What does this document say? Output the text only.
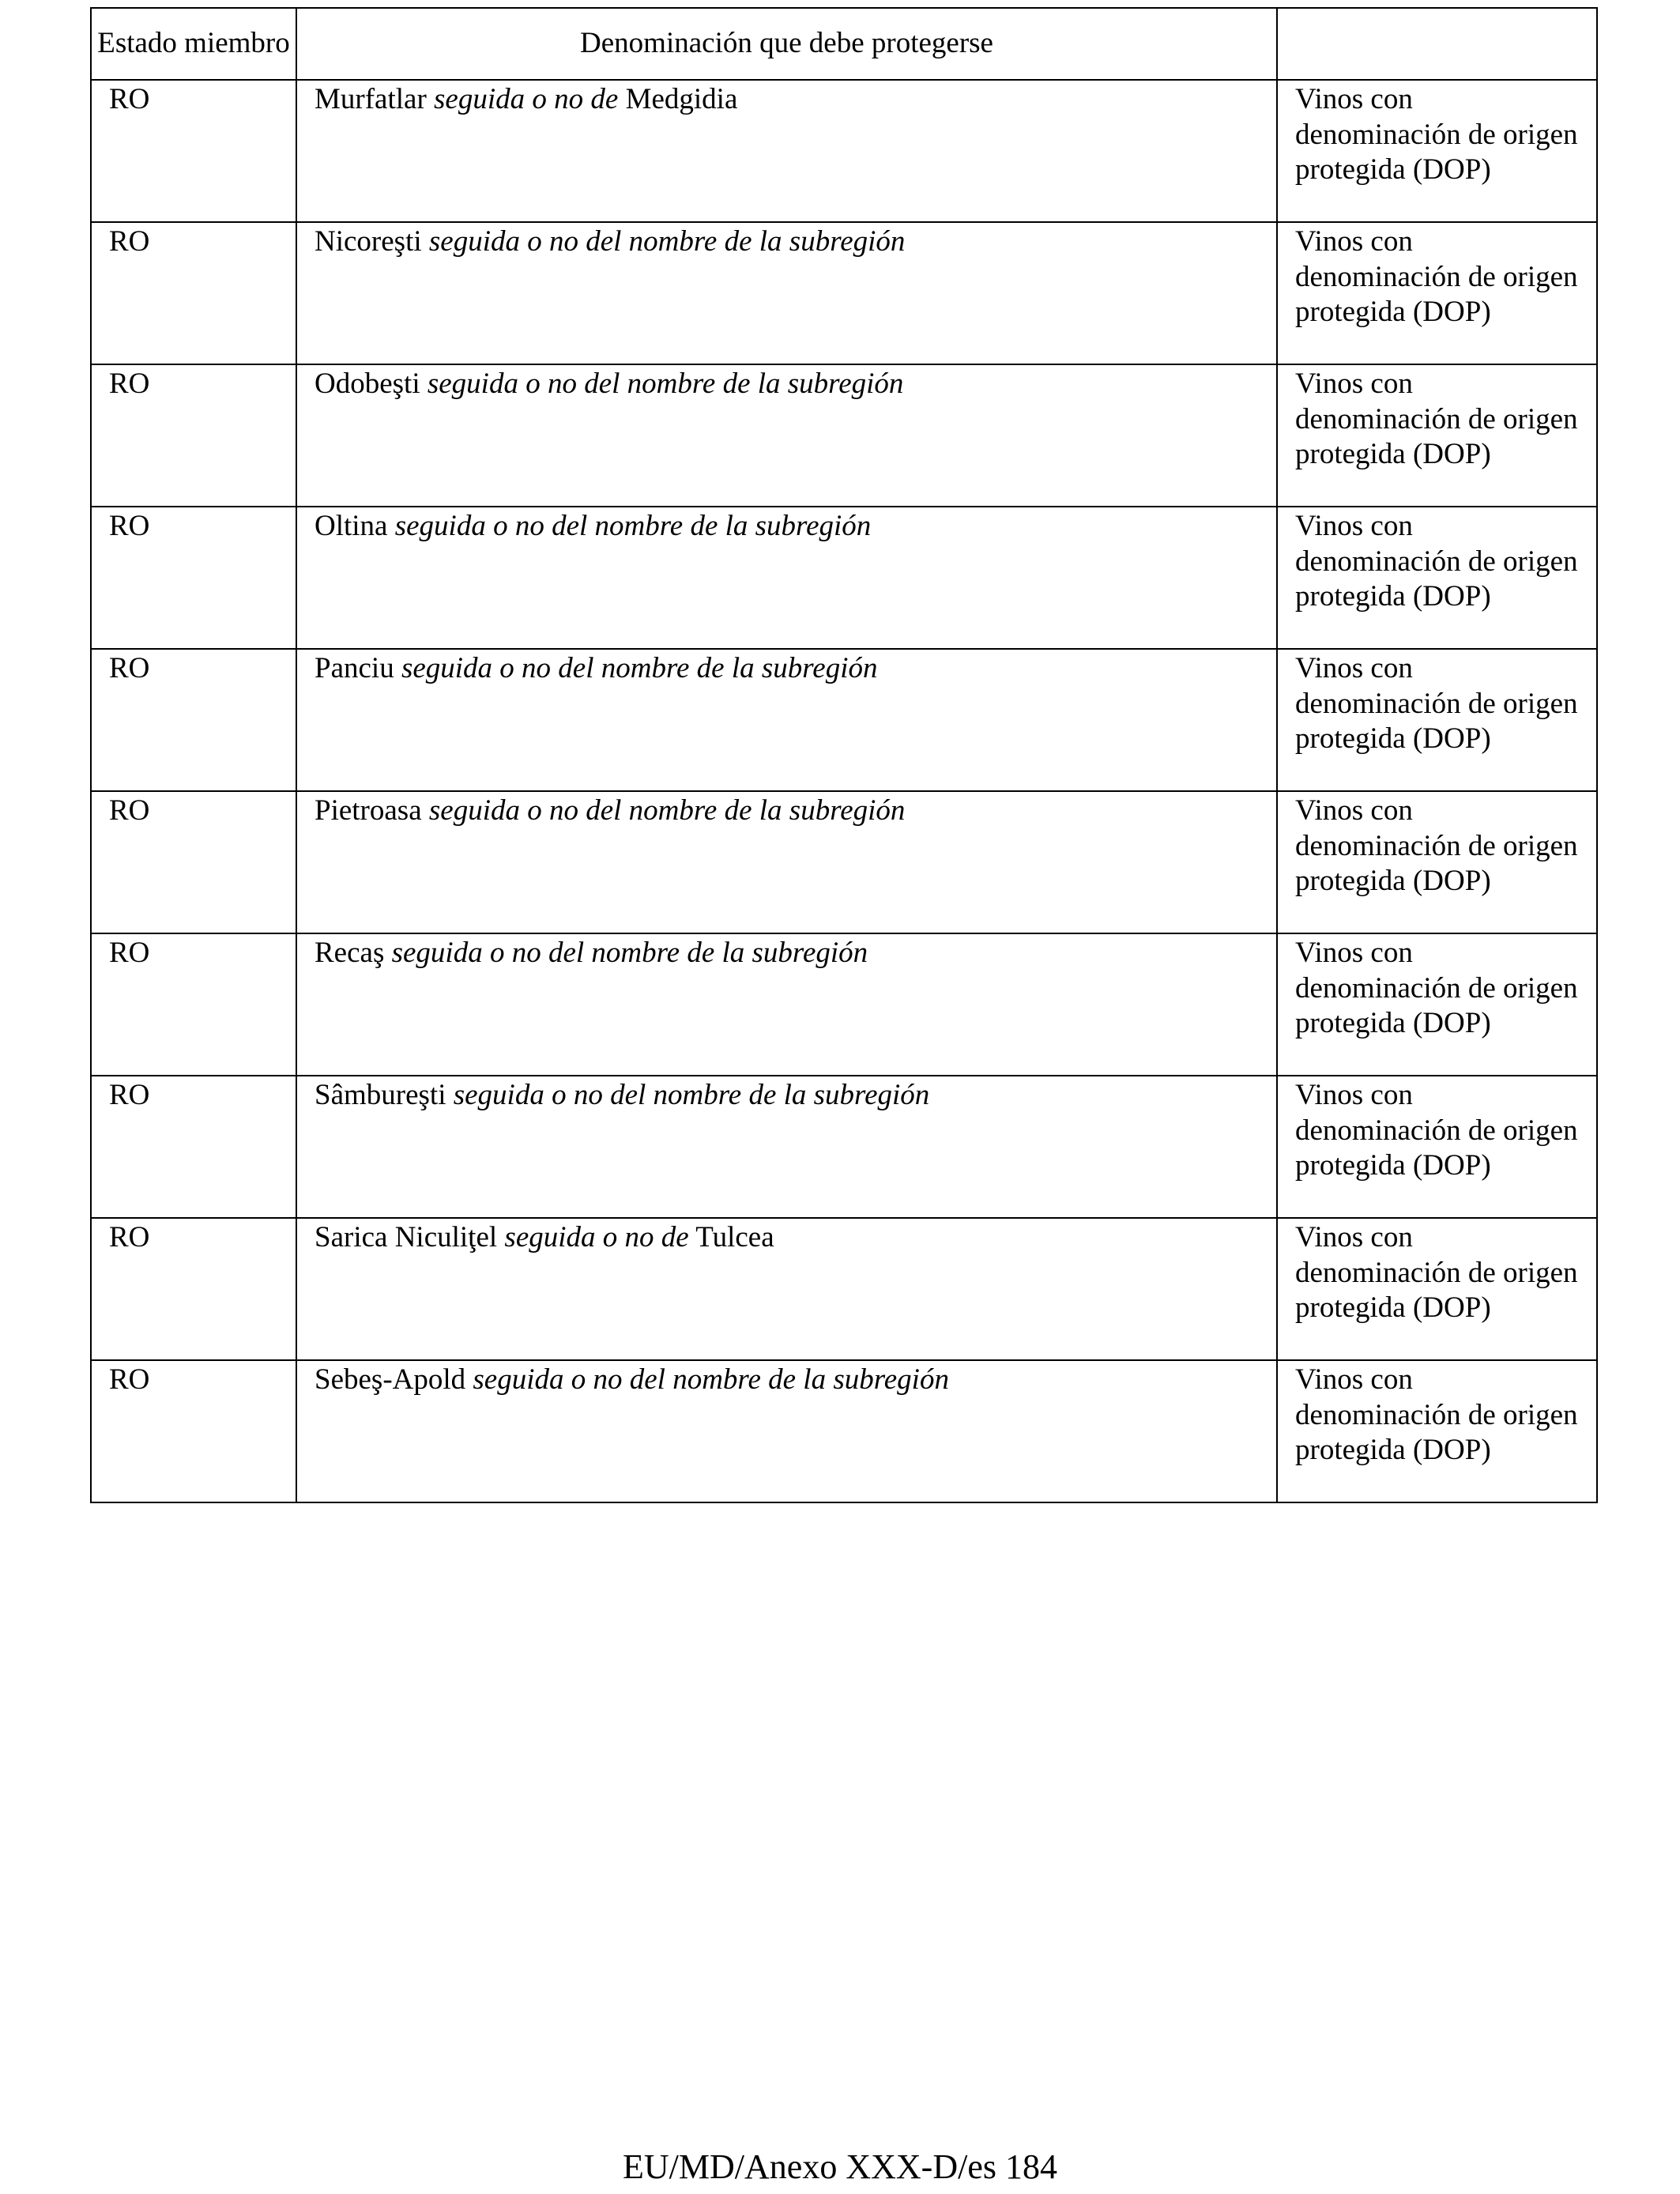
Estado miembro	Denominación que debe protegerse	
RO	Murfatlar seguida o no de Medgidia	Vinos con denominación de origen protegida (DOP)
RO	Nicoreşti seguida o no del nombre de la subregión	Vinos con denominación de origen protegida (DOP)
RO	Odobeşti seguida o no del nombre de la subregión	Vinos con denominación de origen protegida (DOP)
RO	Oltina seguida o no del nombre de la subregión	Vinos con denominación de origen protegida (DOP)
RO	Panciu seguida o no del nombre de la subregión	Vinos con denominación de origen protegida (DOP)
RO	Pietroasa seguida o no del nombre de la subregión	Vinos con denominación de origen protegida (DOP)
RO	Recaş seguida o no del nombre de la subregión	Vinos con denominación de origen protegida (DOP)
RO	Sâmbureşti seguida o no del nombre de la subregión	Vinos con denominación de origen protegida (DOP)
RO	Sarica Niculiţel seguida o no de Tulcea	Vinos con denominación de origen protegida (DOP)
RO	Sebeş-Apold seguida o no del nombre de la subregión	Vinos con denominación de origen protegida (DOP)
EU/MD/Anexo XXX-D/es 184
